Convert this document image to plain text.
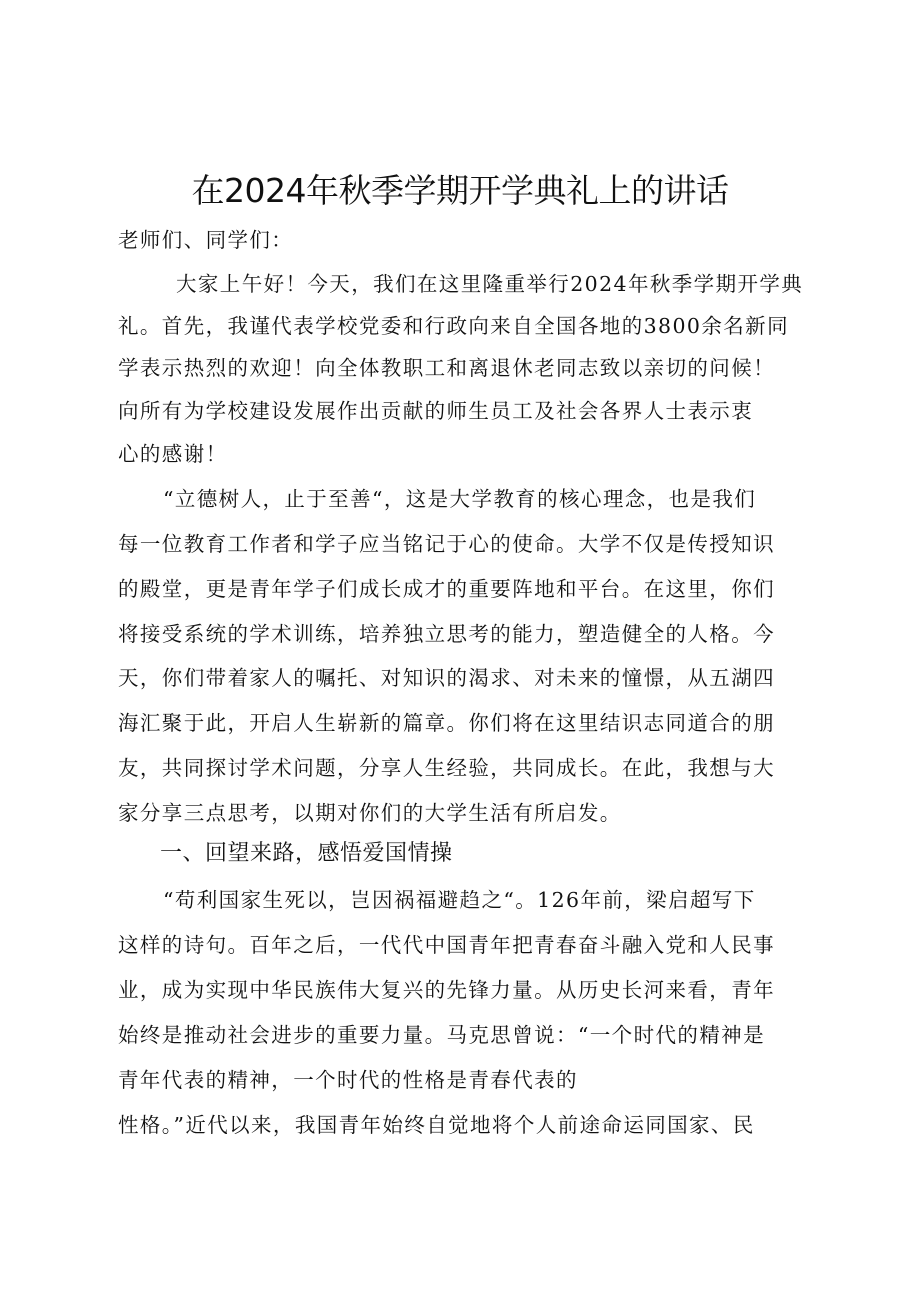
在2024年秋季学期开学典礼上的讲话
老师们、同学们：
大家上午好！今天，我们在这里隆重举行2024年秋季学期开学典
礼。首先，我谨代表学校党委和行政向来自全国各地的3800余名新同
学表示热烈的欢迎！向全体教职工和离退休老同志致以亲切的问候！
向所有为学校建设发展作出贡献的师生员工及社会各界人士表示衷
心的感谢！
“立德树人，止于至善“，这是大学教育的核心理念，也是我们
每一位教育工作者和学子应当铭记于心的使命。大学不仅是传授知识
的殿堂，更是青年学子们成长成才的重要阵地和平台。在这里，你们
将接受系统的学术训练，培养独立思考的能力，塑造健全的人格。今
天，你们带着家人的嘱托、对知识的渴求、对未来的憧憬，从五湖四
海汇聚于此，开启人生崭新的篇章。你们将在这里结识志同道合的朋
友，共同探讨学术问题，分享人生经验，共同成长。在此，我想与大
家分享三点思考，以期对你们的大学生活有所启发。
一、回望来路，感悟爱国情操
“苟利国家生死以，岂因祸福避趋之“。126年前，梁启超写下
这样的诗句。百年之后，一代代中国青年把青春奋斗融入党和人民事
业，成为实现中华民族伟大复兴的先锋力量。从历史长河来看，青年
始终是推动社会进步的重要力量。马克思曾说：“一个时代的精神是
青年代表的精神，一个时代的性格是青春代表的
性格。”近代以来，我国青年始终自觉地将个人前途命运同国家、民
